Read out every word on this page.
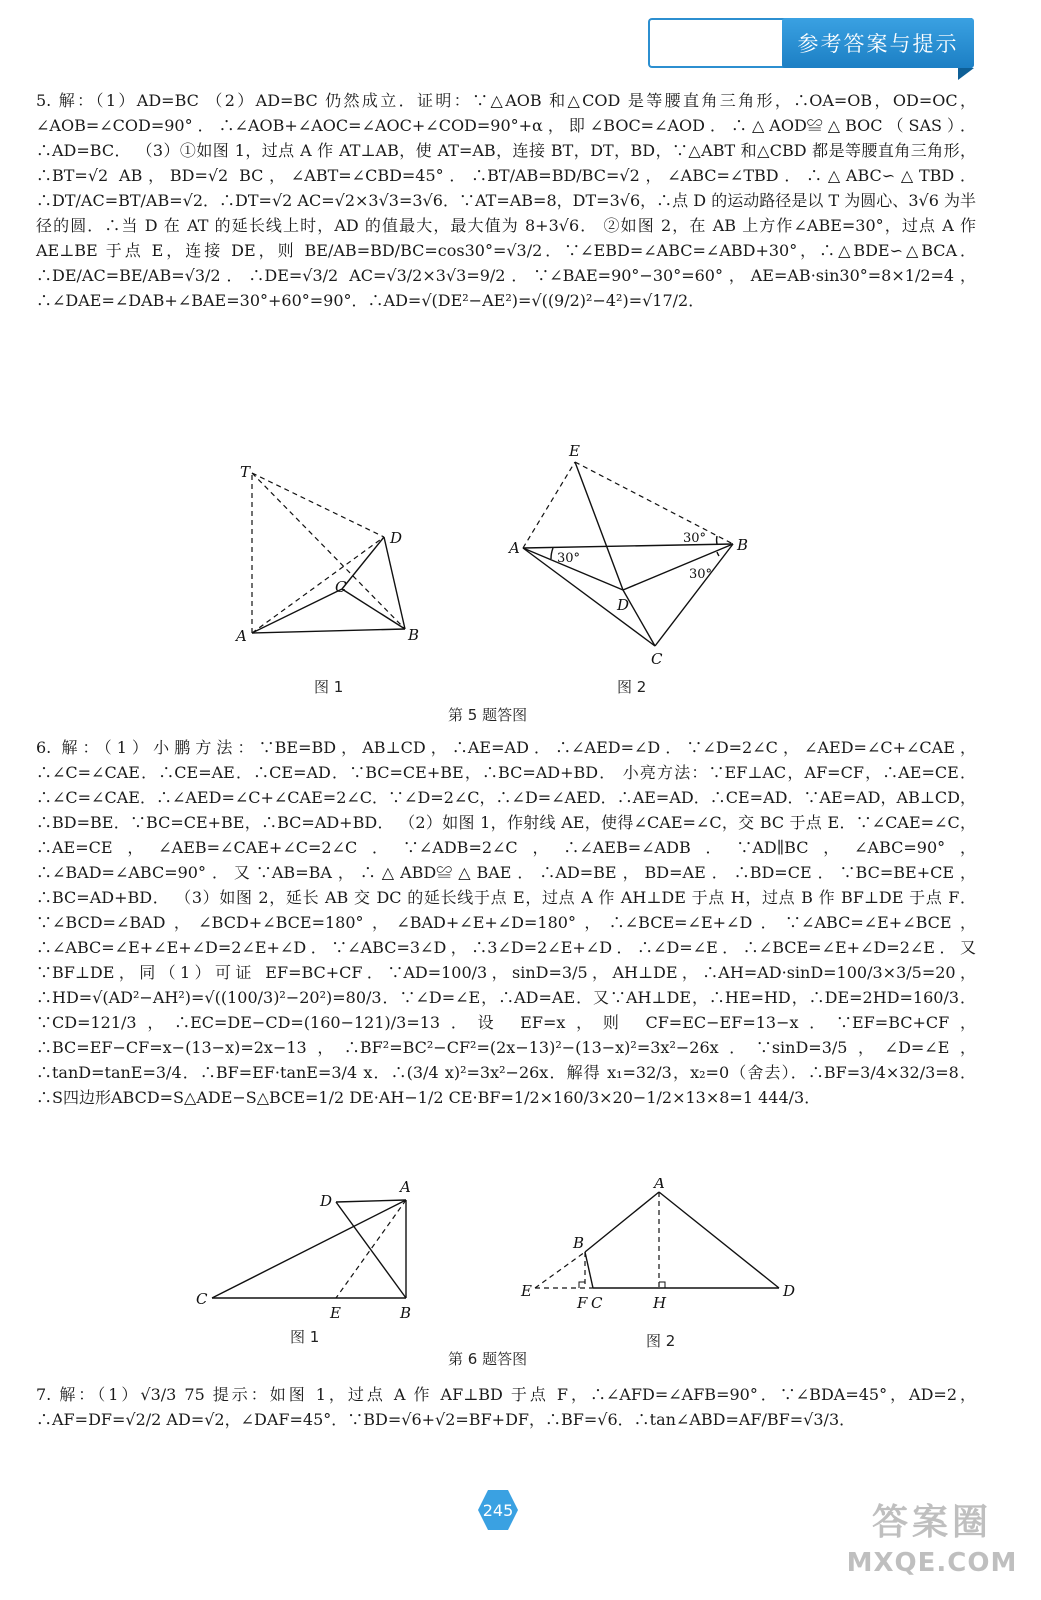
参考答案与提示

5. 解：（1）AD=BC （2）AD=BC 仍然成立．证明：∵△AOB 和△COD 是等腰直角三角形，∴OA=OB，OD=OC，∠AOB=∠COD=90°．∴∠AOB+∠AOC=∠AOC+∠COD=90°+α，即∠BOC=∠AOD．∴△AOD≌△BOC（SAS）．∴AD=BC． （3）①如图 1，过点 A 作 AT⊥AB，使 AT=AB，连接 BT，DT，BD，∵△ABT 和△CBD 都是等腰直角三角形，∴BT=√2 AB，BD=√2 BC，∠ABT=∠CBD=45°．∴BT/AB=BD/BC=√2，∠ABC=∠TBD．∴△ABC∽△TBD．∴DT/AC=BT/AB=√2．∴DT=√2 AC=√2×3√3=3√6．∵AT=AB=8，DT=3√6，∴点 D 的运动路径是以 T 为圆心、3√6 为半径的圆．∴当 D 在 AT 的延长线上时，AD 的值最大，最大值为 8+3√6． ②如图 2，在 AB 上方作∠ABE=30°，过点 A 作 AE⊥BE 于点 E，连接 DE，则 BE/AB=BD/BC=cos30°=√3/2．∵∠EBD=∠ABC=∠ABD+30°，∴△BDE∽△BCA．∴DE/AC=BE/AB=√3/2．∴DE=√3/2 AC=√3/2×3√3=9/2．∵∠BAE=90°−30°=60°，AE=AB·sin30°=8×1/2=4，∴∠DAE=∠DAB+∠BAE=30°+60°=90°．∴AD=√(DE²−AE²)=√((9/2)²−4²)=√17/2．

T
D
C
A	B
图 1
E
A	B
D
C
30°
30°
30°
图 2
第 5 题答图

6. 解：（1）小鹏方法：∵BE=BD，AB⊥CD，∴AE=AD．∴∠AED=∠D．∵∠D=2∠C，∠AED=∠C+∠CAE，∴∠C=∠CAE．∴CE=AE．∴CE=AD．∵BC=CE+BE，∴BC=AD+BD． 小亮方法：∵EF⊥AC，AF=CF，∴AE=CE．∴∠C=∠CAE．∴∠AED=∠C+∠CAE=2∠C．∵∠D=2∠C，∴∠D=∠AED．∴AE=AD．∴CE=AD．∵AE=AD，AB⊥CD，∴BD=BE．∵BC=CE+BE，∴BC=AD+BD． （2）如图 1，作射线 AE，使得∠CAE=∠C，交 BC 于点 E．∵∠CAE=∠C，∴AE=CE，∠AEB=∠CAE+∠C=2∠C．∵∠ADB=2∠C，∴∠AEB=∠ADB．∵AD∥BC，∠ABC=90°，∴∠BAD=∠ABC=90°．又∵AB=BA，∴△ABD≌△BAE．∴AD=BE，BD=AE．∴BD=CE．∵BC=BE+CE，∴BC=AD+BD． （3）如图 2，延长 AB 交 DC 的延长线于点 E，过点 A 作 AH⊥DE 于点 H，过点 B 作 BF⊥DE 于点 F．∵∠BCD=∠BAD，∠BCD+∠BCE=180°，∠BAD+∠E+∠D=180°，∴∠BCE=∠E+∠D．∵∠ABC=∠E+∠BCE，∴∠ABC=∠E+∠E+∠D=2∠E+∠D．∵∠ABC=3∠D，∴3∠D=2∠E+∠D．∴∠D=∠E．∴∠BCE=∠E+∠D=2∠E．又∵BF⊥DE，同（1）可证 EF=BC+CF．∵AD=100/3，sinD=3/5，AH⊥DE，∴AH=AD·sinD=100/3×3/5=20，∴HD=√(AD²−AH²)=√((100/3)²−20²)=80/3．∵∠D=∠E，∴AD=AE．又∵AH⊥DE，∴HE=HD，∴DE=2HD=160/3．∵CD=121/3，∴EC=DE−CD=(160−121)/3=13．设 EF=x，则 CF=EC−EF=13−x．∵EF=BC+CF，∴BC=EF−CF=x−(13−x)=2x−13，∴BF²=BC²−CF²=(2x−13)²−(13−x)²=3x²−26x．∵sinD=3/5，∠D=∠E，∴tanD=tanE=3/4．∴BF=EF·tanE=3/4 x．∴(3/4 x)²=3x²−26x．解得 x₁=32/3，x₂=0（舍去）．∴BF=3/4×32/3=8．∴S四边形ABCD=S△ADE−S△BCE=1/2 DE·AH−1/2 CE·BF=1/2×160/3×20−1/2×13×8=1 444/3．

D
A
C
E	B
图 1
A
B
E
F C	H
D
图 2
第 6 题答图

7. 解：（1）√3/3 75 提示：如图 1，过点 A 作 AF⊥BD 于点 F，∴∠AFD=∠AFB=90°．∵∠BDA=45°，AD=2，∴AF=DF=√2/2 AD=√2，∠DAF=45°．∵BD=√6+√2=BF+DF，∴BF=√6．∴tan∠ABD=AF/BF=√3/3．

245	答案圈
MXQE.COM
